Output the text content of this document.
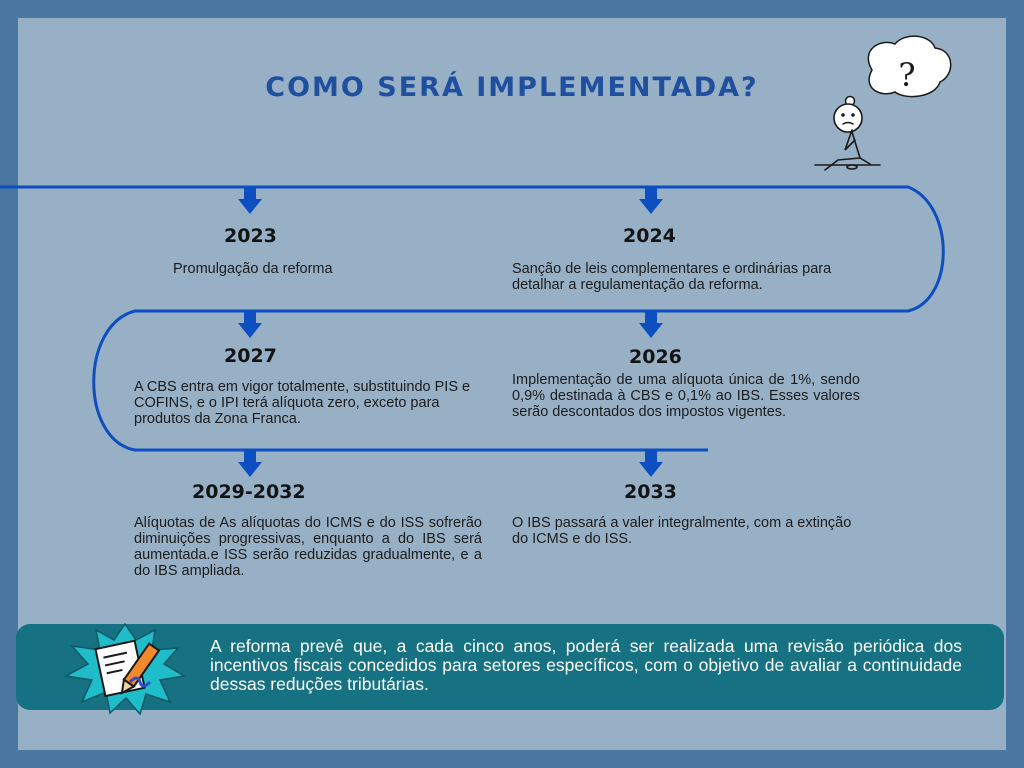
?
COMO SERÁ IMPLEMENTADA?
2023
Promulgação da reforma
2024
Sanção de leis complementares e ordinárias para detalhar a regulamentação da reforma.
2027
A CBS entra em vigor totalmente, substituindo PIS e COFINS, e o IPI terá alíquota zero, exceto para produtos da Zona Franca.
2026
Implementação de uma alíquota única de 1%, sendo 0,9% destinada à CBS e 0,1% ao IBS. Esses valores serão descontados dos impostos vigentes.
2029-2032
Alíquotas de As alíquotas do ICMS e do ISS sofrerão diminuições progressivas, enquanto a do IBS será aumentada.e ISS serão reduzidas gradualmente, e a do IBS ampliada.
2033
O IBS passará a valer integralmente, com a extinção do ICMS e do ISS.
A reforma prevê que, a cada cinco anos, poderá ser realizada uma revisão periódica dos incentivos fiscais concedidos para setores específicos, com o objetivo de avaliar a continuidade dessas reduções tributárias.
